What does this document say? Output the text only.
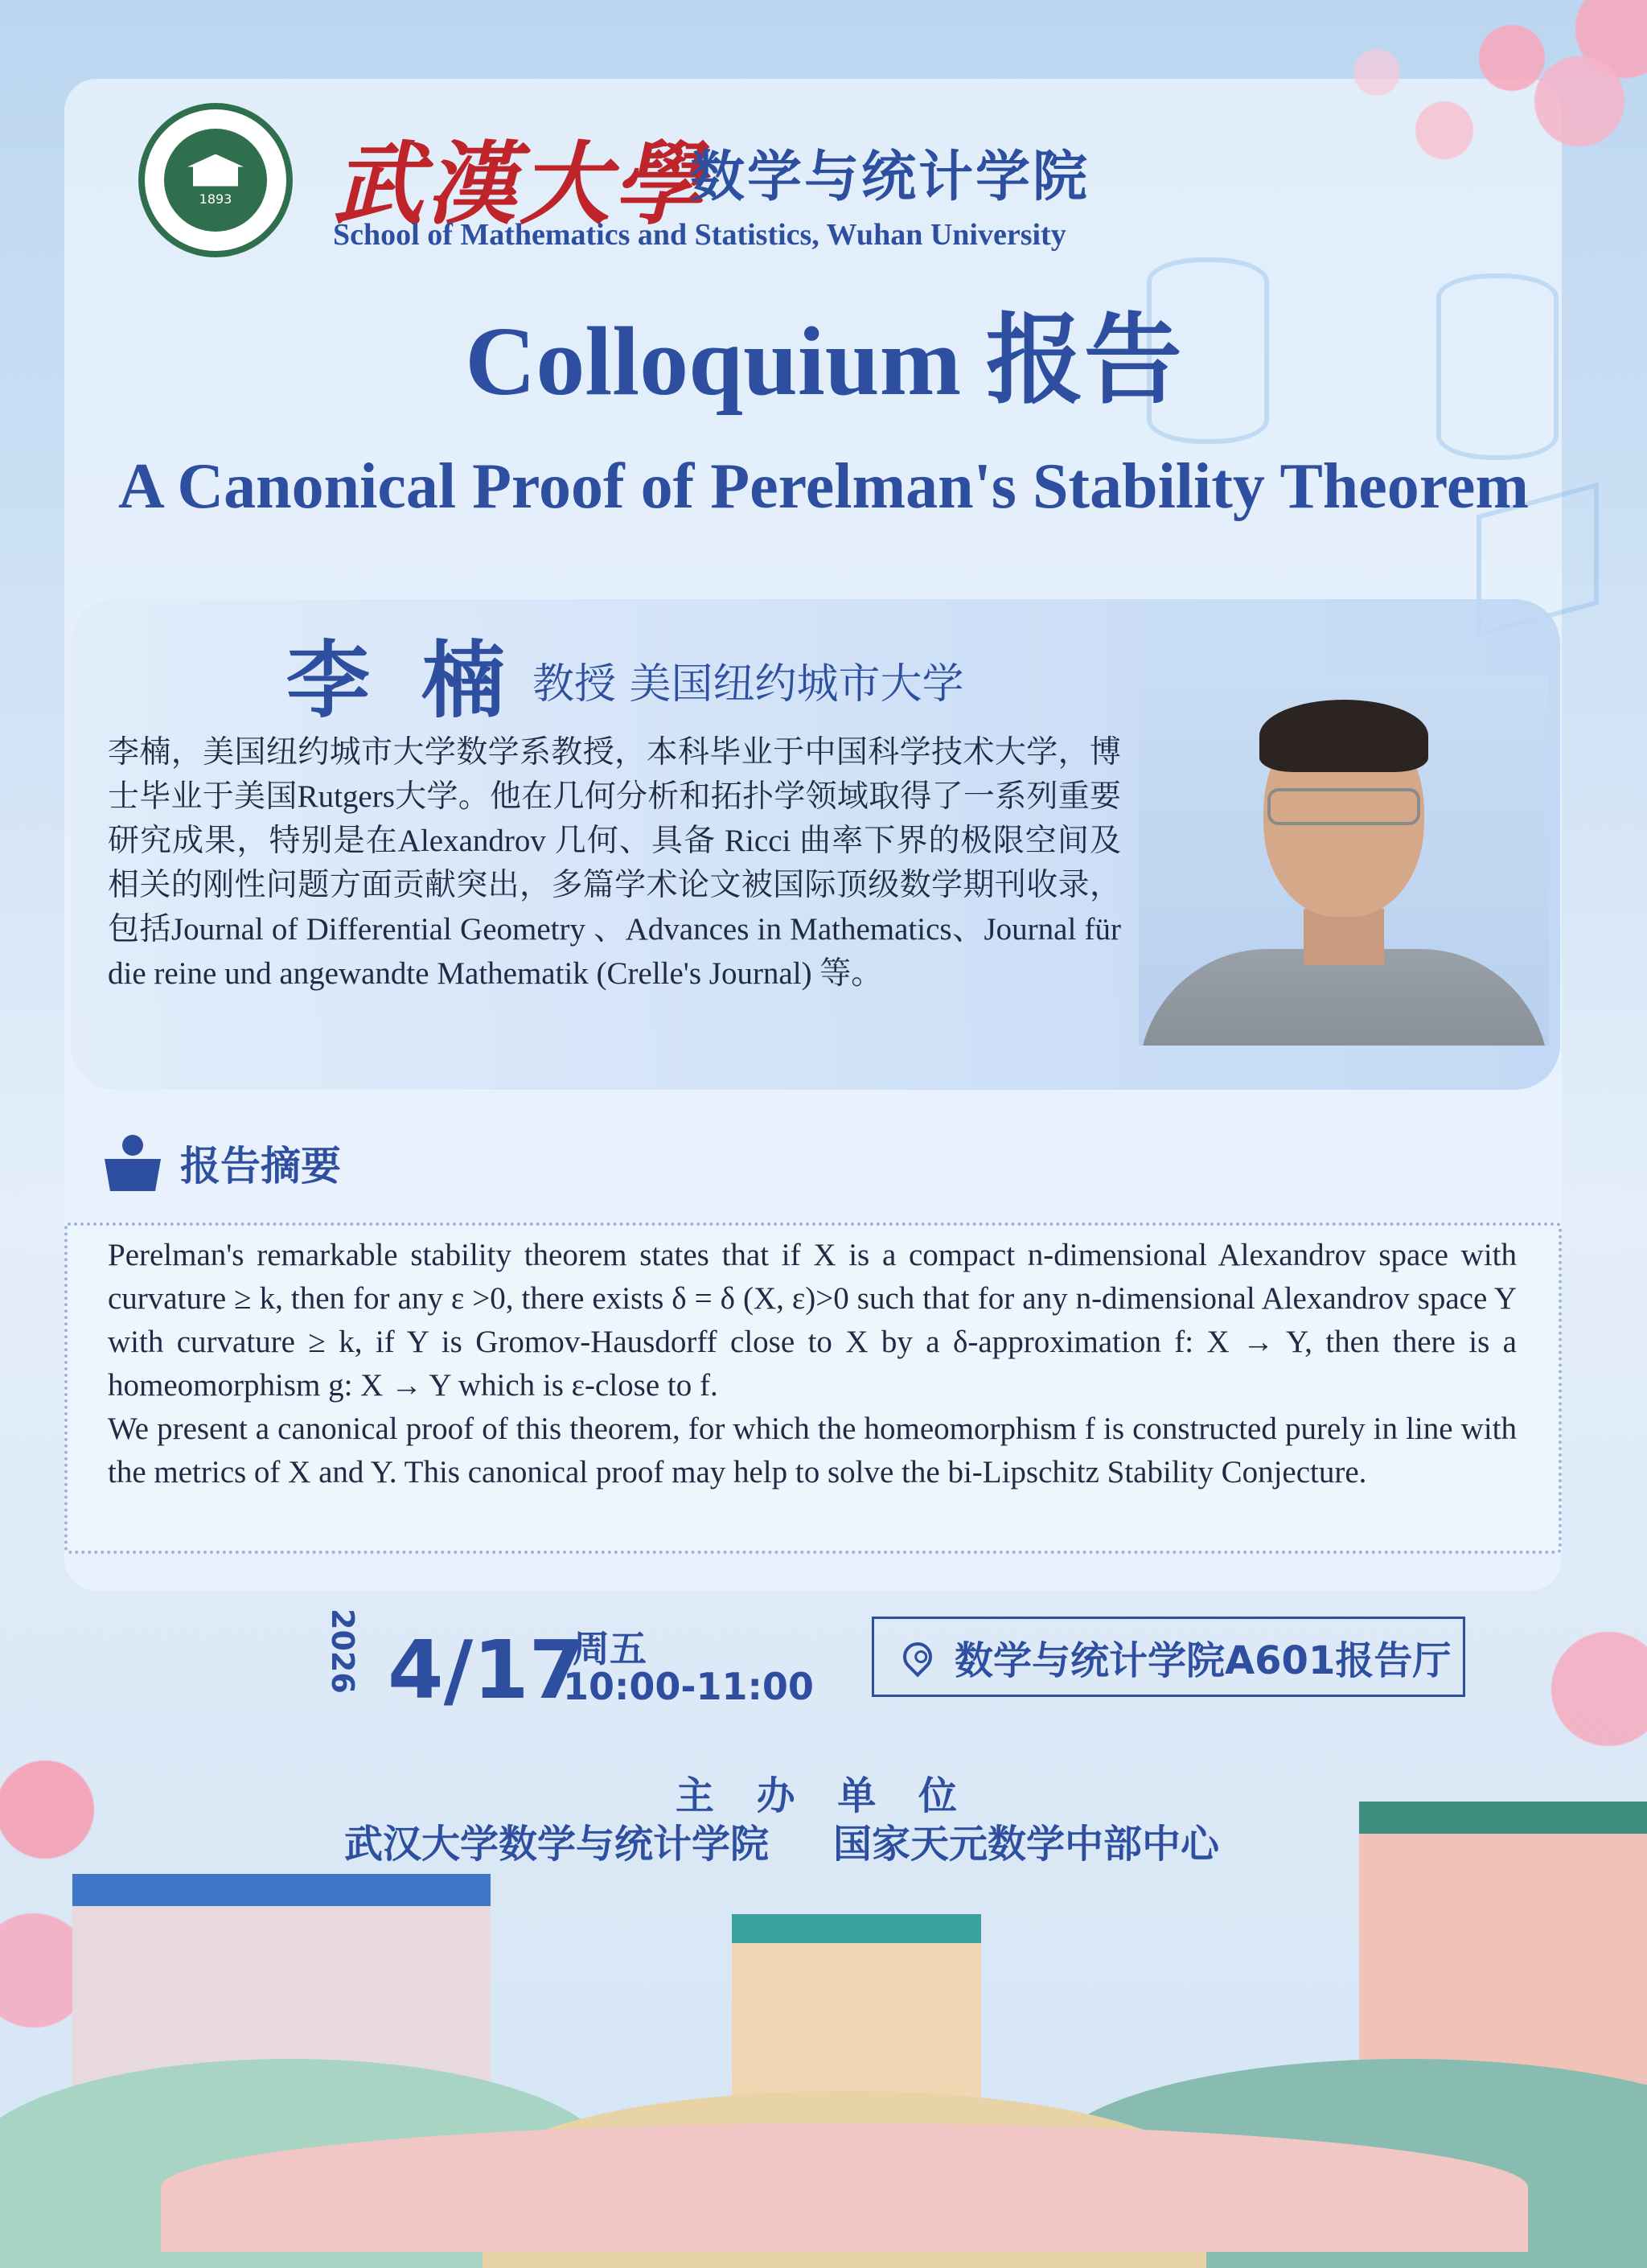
1893 武漢大學
数学与统计学院
School of Mathematics and Statistics, Wuhan University
Colloquium 报告
A Canonical Proof of Perelman's Stability Theorem
李 楠 教授 美国纽约城市大学

李楠，美国纽约城市大学数学系教授，本科毕业于中国科学技术大学，博士毕业于美国Rutgers大学。他在几何分析和拓扑学领域取得了一系列重要研究成果，特别是在Alexandrov 几何、具备 Ricci 曲率下界的极限空间及相关的刚性问题方面贡献突出，多篇学术论文被国际顶级数学期刊收录，包括Journal of Differential Geometry 、Advances in Mathematics、Journal für die reine und angewandte Mathematik (Crelle's Journal) 等。

报告摘要

Perelman's remarkable stability theorem states that if X is a compact n-dimensional Alexandrov space with curvature ≥ k, then for any ε >0, there exists δ = δ (X, ε)>0 such that for any n-dimensional Alexandrov space Y with curvature ≥ k, if Y is Gromov-Hausdorff close to X by a δ-approximation f: X → Y, then there is a homeomorphism g: X → Y which is ε-close to f.

We present a canonical proof of this theorem, for which the homeomorphism f is constructed purely in line with the metrics of X and Y. This canonical proof may help to solve the bi-Lipschitz Stability Conjecture.

2026 4/17
周五
10:00-11:00
数学与统计学院A601报告厅
主 办 单 位
武汉大学数学与统计学院 国家天元数学中部中心
